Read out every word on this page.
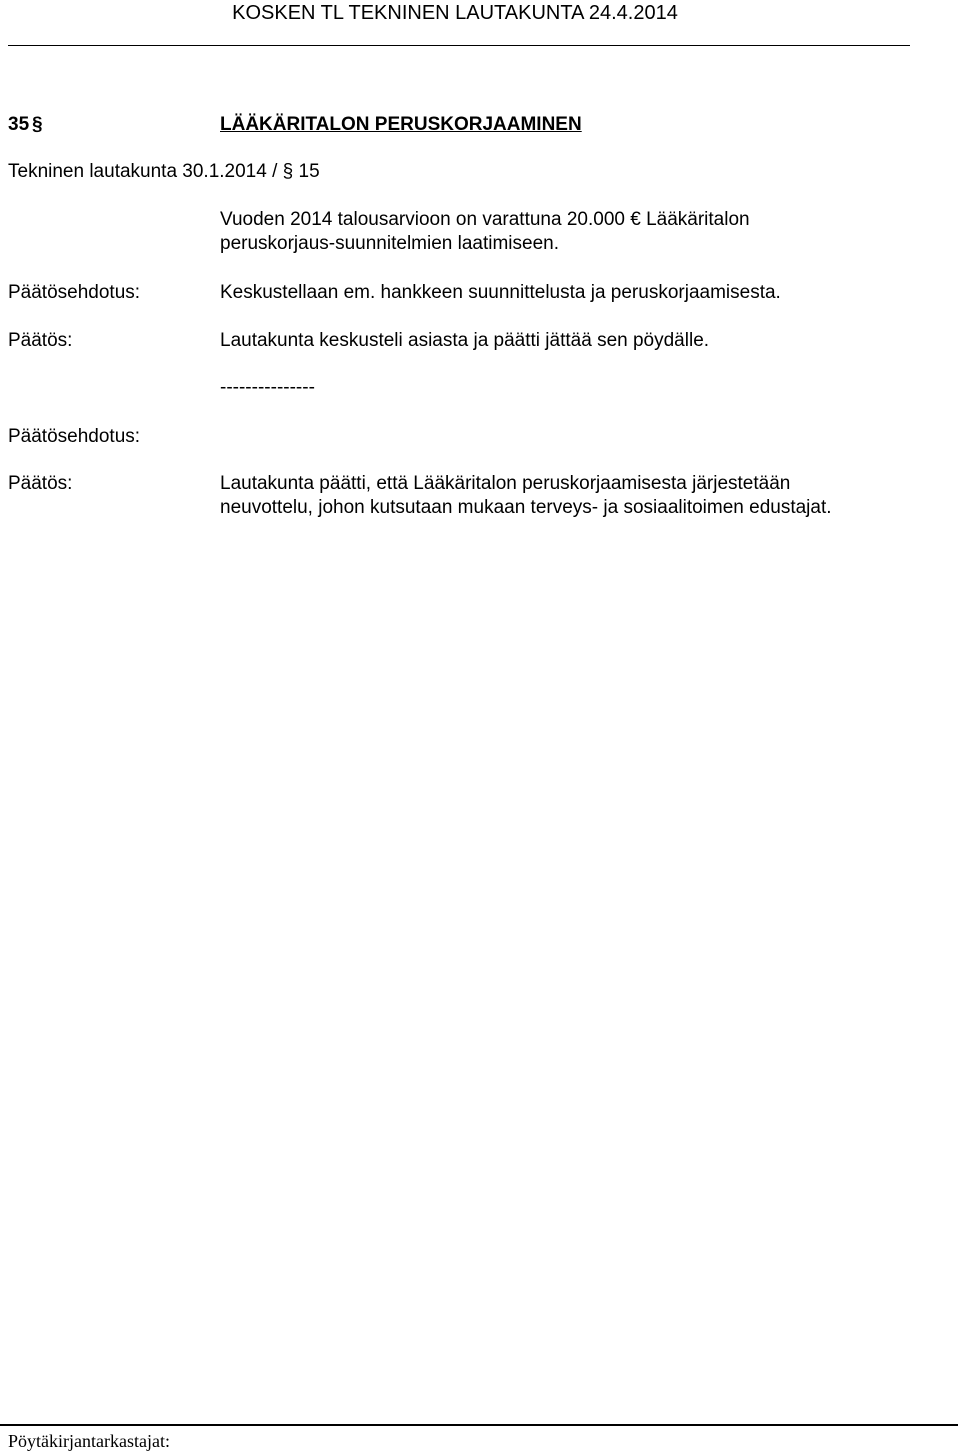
KOSKEN TL TEKNINEN LAUTAKUNTA 24.4.2014
35 §	LÄÄKÄRITALON PERUSKORJAAMINEN
Tekninen lautakunta 30.1.2014 / § 15
Vuoden 2014 talousarvioon on varattuna 20.000 € Lääkäritalon
peruskorjaus-suunnitelmien laatimiseen.
Päätösehdotus:	Keskustellaan em. hankkeen suunnittelusta ja peruskorjaamisesta.
Päätös:	Lautakunta keskusteli asiasta ja päätti jättää sen pöydälle.
---------------
Päätösehdotus:
Päätös:	Lautakunta päätti, että Lääkäritalon peruskorjaamisesta järjestetään
neuvottelu, johon kutsutaan mukaan terveys- ja sosiaalitoimen edustajat.
Pöytäkirjantarkastajat:
